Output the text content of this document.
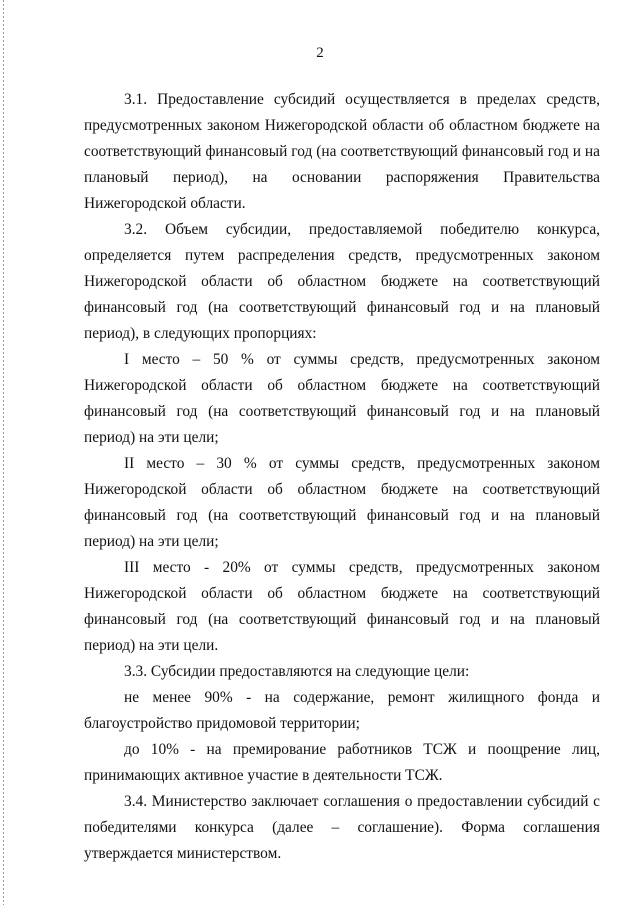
2

3.1. Предоставление субсидий осуществляется в пределах средств, предусмотренных законом Нижегородской области об областном бюджете на соответствующий финансовый год (на соответствующий финансовый год и на плановый период), на основании распоряжения Правительства Нижегородской области.

3.2. Объем субсидии, предоставляемой победителю конкурса, определяется путем распределения средств, предусмотренных законом Нижегородской области об областном бюджете на соответствующий финансовый год (на соответствующий финансовый год и на плановый период), в следующих пропорциях:

I место – 50 % от суммы средств, предусмотренных законом Нижегородской области об областном бюджете на соответствующий финансовый год (на соответствующий финансовый год и на плановый период) на эти цели;

II место – 30 % от суммы средств, предусмотренных законом Нижегородской области об областном бюджете на соответствующий финансовый год (на соответствующий финансовый год и на плановый период) на эти цели;

III место - 20% от суммы средств, предусмотренных законом Нижегородской области об областном бюджете на соответствующий финансовый год (на соответствующий финансовый год и на плановый период) на эти цели.

3.3. Субсидии предоставляются на следующие цели:

не менее 90% - на содержание, ремонт жилищного фонда и благоустройство придомовой территории;

до 10% - на премирование работников ТСЖ и поощрение лиц, принимающих активное участие в деятельности ТСЖ.

3.4. Министерство заключает соглашения о предоставлении субсидий с победителями конкурса (далее – соглашение). Форма соглашения утверждается министерством.
